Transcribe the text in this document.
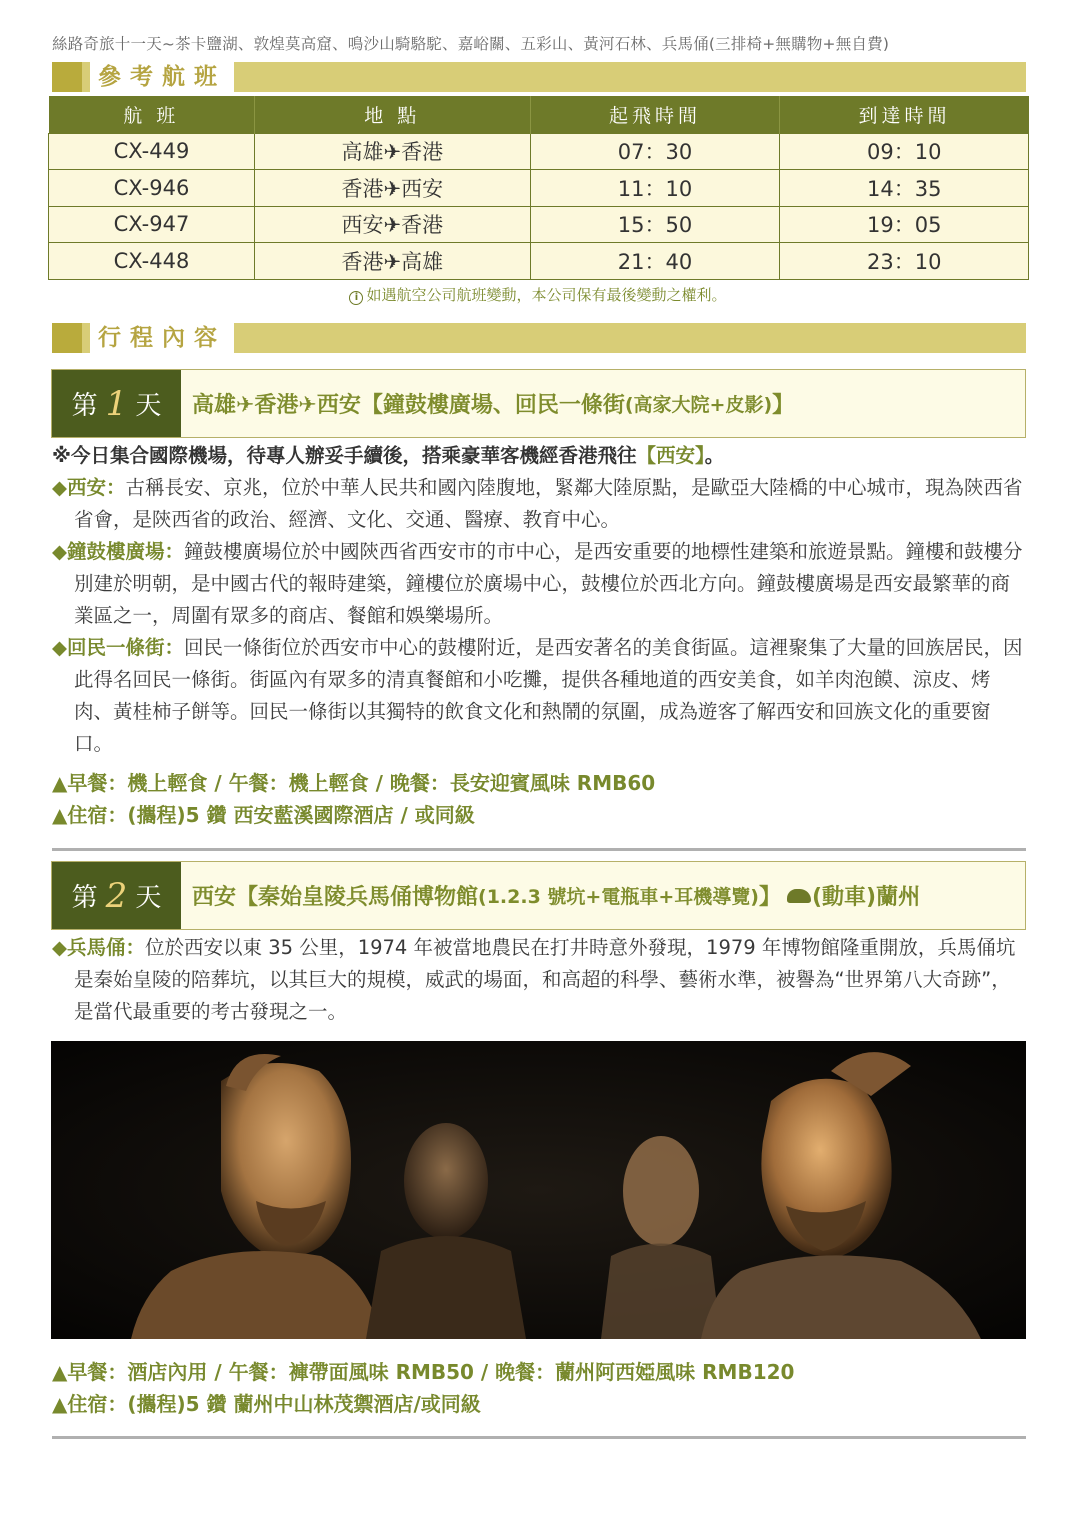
絲路奇旅十一天~茶卡鹽湖、敦煌莫高窟、鳴沙山騎駱駝、嘉峪關、五彩山、黃河石林、兵馬俑(三排椅+無購物+無自費)
參考航班
航 班	地 點	起飛時間	到達時間
CX-449	高雄✈香港	07：30	09：10
CX-946	香港✈西安	11：10	14：35
CX-947	西安✈香港	15：50	19：05
CX-448	香港✈高雄	21：40	23：10
i 如遇航空公司航班變動，本公司保有最後變動之權利。
行程內容
第 1 天 高雄✈香港✈西安【鐘鼓樓廣場、回民一條街 (高家大院+皮影) 】
※今日集合國際機場，待專人辦妥手續後，搭乘豪華客機經香港飛往【西安】。
◆西安：古稱長安、京兆，位於中華人民共和國內陸腹地，緊鄰大陸原點，是歐亞大陸橋的中心城市，現為陝西省省會，是陝西省的政治、經濟、文化、交通、醫療、教育中心。
◆鐘鼓樓廣場：鐘鼓樓廣場位於中國陝西省西安市的市中心，是西安重要的地標性建築和旅遊景點。鐘樓和鼓樓分別建於明朝，是中國古代的報時建築，鐘樓位於廣場中心，鼓樓位於西北方向。鐘鼓樓廣場是西安最繁華的商業區之一，周圍有眾多的商店、餐館和娛樂場所。
◆回民一條街：回民一條街位於西安市中心的鼓樓附近，是西安著名的美食街區。這裡聚集了大量的回族居民，因此得名回民一條街。街區內有眾多的清真餐館和小吃攤，提供各種地道的西安美食，如羊肉泡饃、涼皮、烤肉、黃桂柿子餅等。回民一條街以其獨特的飲食文化和熱鬧的氛圍，成為遊客了解西安和回族文化的重要窗口。
▲早餐：機上輕食 / 午餐：機上輕食 / 晚餐：長安迎賓風味 RMB60
▲住宿：(攜程)5 鑽 西安藍溪國際酒店 / 或同級
第 2 天 西安【秦始皇陵兵馬俑博物館 (1.2.3 號坑+電瓶車+耳機導覽) 】 (動車)蘭州
◆兵馬俑：位於西安以東 35 公里，1974 年被當地農民在打井時意外發現，1979 年博物館隆重開放，兵馬俑坑是秦始皇陵的陪葬坑，以其巨大的規模，威武的場面，和高超的科學、藝術水準，被譽為“世界第八大奇跡”，是當代最重要的考古發現之一。
▲早餐：酒店內用 / 午餐：褲帶面風味 RMB50 / 晚餐：蘭州阿西婭風味 RMB120
▲住宿：(攜程)5 鑽 蘭州中山林茂禦酒店/或同級
